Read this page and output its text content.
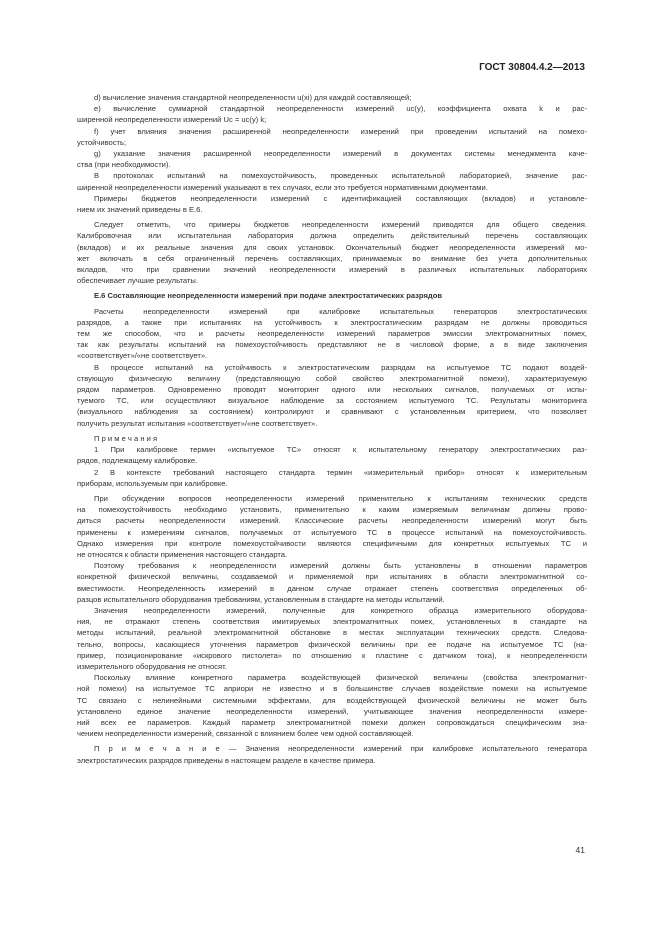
ГОСТ 30804.4.2—2013
d) вычисление значения стандартной неопределенности u(xi) для каждой составляющей;
e) вычисление суммарной стандартной неопределенности измерений uc(y), коэффициента охвата k и рас-
ширенной неопределенности измерений Uc = uc(y) k;
f) учет влияния значения расширенной неопределенности измерений при проведении испытаний на помехо-
устойчивость;
g) указание значения расширенной неопределенности измерений в документах системы менеджмента каче-
ства (при необходимости).
В протоколах испытаний на помехоустойчивость, проведенных испытательной лабораторией, значение рас-
ширенной неопределенности измерений указывают в тех случаях, если это требуется нормативными документами.
Примеры бюджетов неопределенности измерений с идентификацией составляющих (вкладов) и установле-
нием их значений приведены в Е.6.
Следует отметить, что примеры бюджетов неопределенности измерений приводятся для общего сведения.
Калибровочная или испытательная лаборатория должна определить действительный перечень составляющих
(вкладов) и их реальные значения для своих установок. Окончательный бюджет неопределенности измерений мо-
жет включать в себя ограниченный перечень составляющих, принимаемых во внимание без учета дополнительных
вкладов, что при сравнении значений неопределенности измерений в различных испытательных лабораториях
обеспечивает лучшие результаты.
Е.6 Составляющие неопределенности измерений при подаче электростатических разрядов
Расчеты неопределенности измерений при калибровке испытательных генераторов электростатических
разрядов, а также при испытаниях на устойчивость к электростатическим разрядам не должны проводиться
тем же способом, что и расчеты неопределенности измерений параметров эмиссии электромагнитных помех,
так как результаты испытаний на помехоустойчивость представляют не в числовой форме, а в виде заключения
«соответствует»/«не соответствует».
В процессе испытаний на устойчивость к электростатическим разрядам на испытуемое ТС подают воздей-
ствующую физическую величину (представляющую собой свойство электромагнитной помехи), характеризуемую
рядом параметров. Одновременно проводят мониторинг одного или нескольких сигналов, получаемых от испы-
туемого ТС, или осуществляют визуальное наблюдение за состоянием испытуемого ТС. Результаты мониторинга
(визуального наблюдения за состоянием) контролируют и сравнивают с установленным критерием, что позволяет
получить результат испытания «соответствует»/«не соответствует».
П р и м е ч а н и я
1 При калибровке термин «испытуемое ТС» относят к испытательному генератору электростатических раз-
рядов, подлежащему калибровке.
2 В контексте требований настоящего стандарта термин «измерительный прибор» относят к измерительным
приборам, используемым при калибровке.
При обсуждении вопросов неопределенности измерений применительно к испытаниям технических средств
на помехоустойчивость необходимо установить, применительно к каким измеряемым величинам должны прово-
диться расчеты неопределенности измерений. Классические расчеты неопределенности измерений могут быть
применены к измерениям сигналов, получаемых от испытуемого ТС в процессе испытаний на помехоустойчивость.
Однако измерения при контроле помехоустойчивости являются специфичными для конкретных испытуемых ТС и
не относятся к области применения настоящего стандарта.
Поэтому требования к неопределенности измерений должны быть установлены в отношении параметров
конкретной физической величины, создаваемой и применяемой при испытаниях в области электромагнитной со-
вместимости. Неопределенность измерений в данном случае отражает степень соответствия определенных об-
разцов испытательного оборудования требованиям, установленным в стандарте на методы испытаний.
Значения неопределенности измерений, полученные для конкретного образца измерительного оборудова-
ния, не отражают степень соответствия имитируемых электромагнитных помех, установленных в стандарте на
методы испытаний, реальной электромагнитной обстановке в местах эксплуатации технических средств. Следова-
тельно, вопросы, касающиеся уточнения параметров физической величины при ее подаче на испытуемое ТС (на-
пример, позиционирование «искрового пистолета» по отношению к пластине с датчиком тока), к неопределенности
измерительного оборудования не относят.
Поскольку влияние конкретного параметра воздействующей физической величины (свойства электромагнит-
ной помехи) на испытуемое ТС априори не известно и в большинстве случаев воздействие помехи на испытуемое
ТС связано с нелинейными системными эффектами, для воздействующей физической величины не может быть
установлено единое значение неопределенности измерений, учитывающее значения неопределенности измере-
ний всех ее параметров. Каждый параметр электромагнитной помехи должен сопровождаться специфическим зна-
чением неопределенности измерений, связанной с влиянием более чем одной составляющей.
П р и м е ч а н и е — Значения неопределенности измерений при калибровке испытательного генератора
электростатических разрядов приведены в настоящем разделе в качестве примера.
41
